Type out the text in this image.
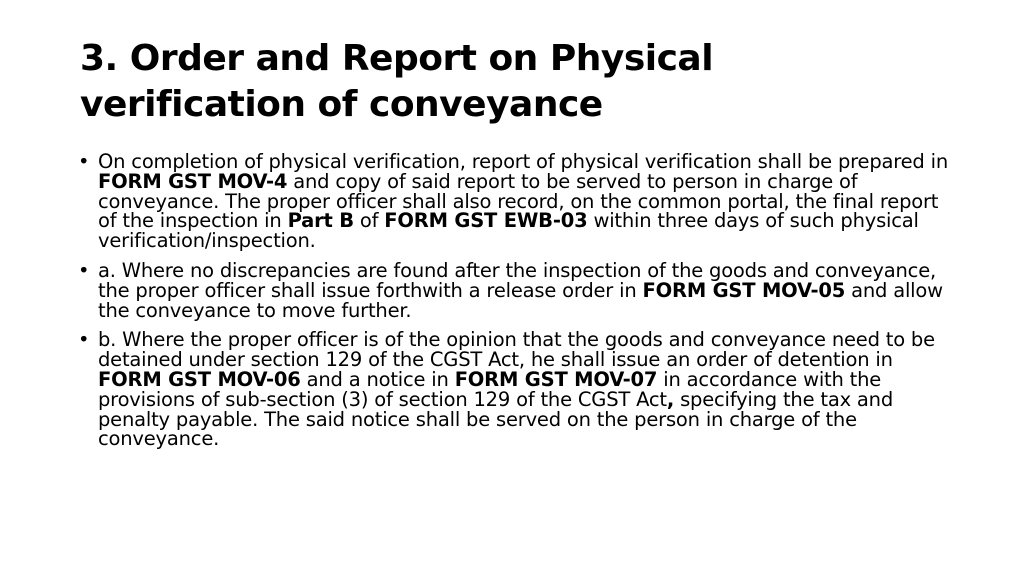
3. Order and Report on Physical
verification of conveyance
• On completion of physical verification, report of physical verification shall be prepared in FORM GST MOV-4 and copy of said report to be served to person in charge of conveyance. The proper officer shall also record, on the common portal, the final report of the inspection in Part B of FORM GST EWB-03 within three days of such physical verification/inspection.
• a. Where no discrepancies are found after the inspection of the goods and conveyance, the proper officer shall issue forthwith a release order in FORM GST MOV-05 and allow the conveyance to move further.
• b. Where the proper officer is of the opinion that the goods and conveyance need to be detained under section 129 of the CGST Act, he shall issue an order of detention in FORM GST MOV-06 and a notice in FORM GST MOV-07 in accordance with the provisions of sub-section (3) of section 129 of the CGST Act, specifying the tax and penalty payable. The said notice shall be served on the person in charge of the conveyance.
